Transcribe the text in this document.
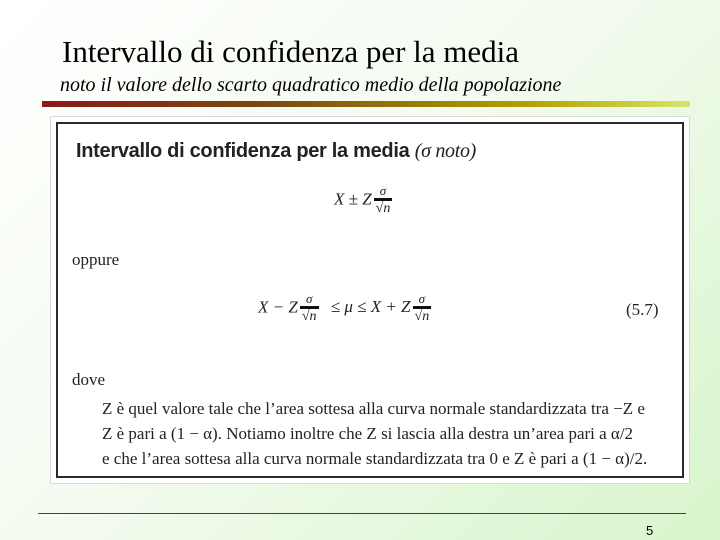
Intervallo di confidenza per la media
noto il valore dello scarto quadratico medio della popolazione
Intervallo di confidenza per la media (σ noto)
X ± Z $\frac{\sigma}{√n}$
oppure
X − Z $\frac{\sigma}{√n} \le \mu \le X + Z \frac{\sigma}{√n}$	(5.7)
dove
Z è quel valore tale che l’area sottesa alla curva normale standardizzata tra −Z e
Z è pari a (1 − α). Notiamo inoltre che Z si lascia alla destra un’area pari a α/2
e che l’area sottesa alla curva normale standardizzata tra 0 e Z è pari a (1 − α)/2.
5
